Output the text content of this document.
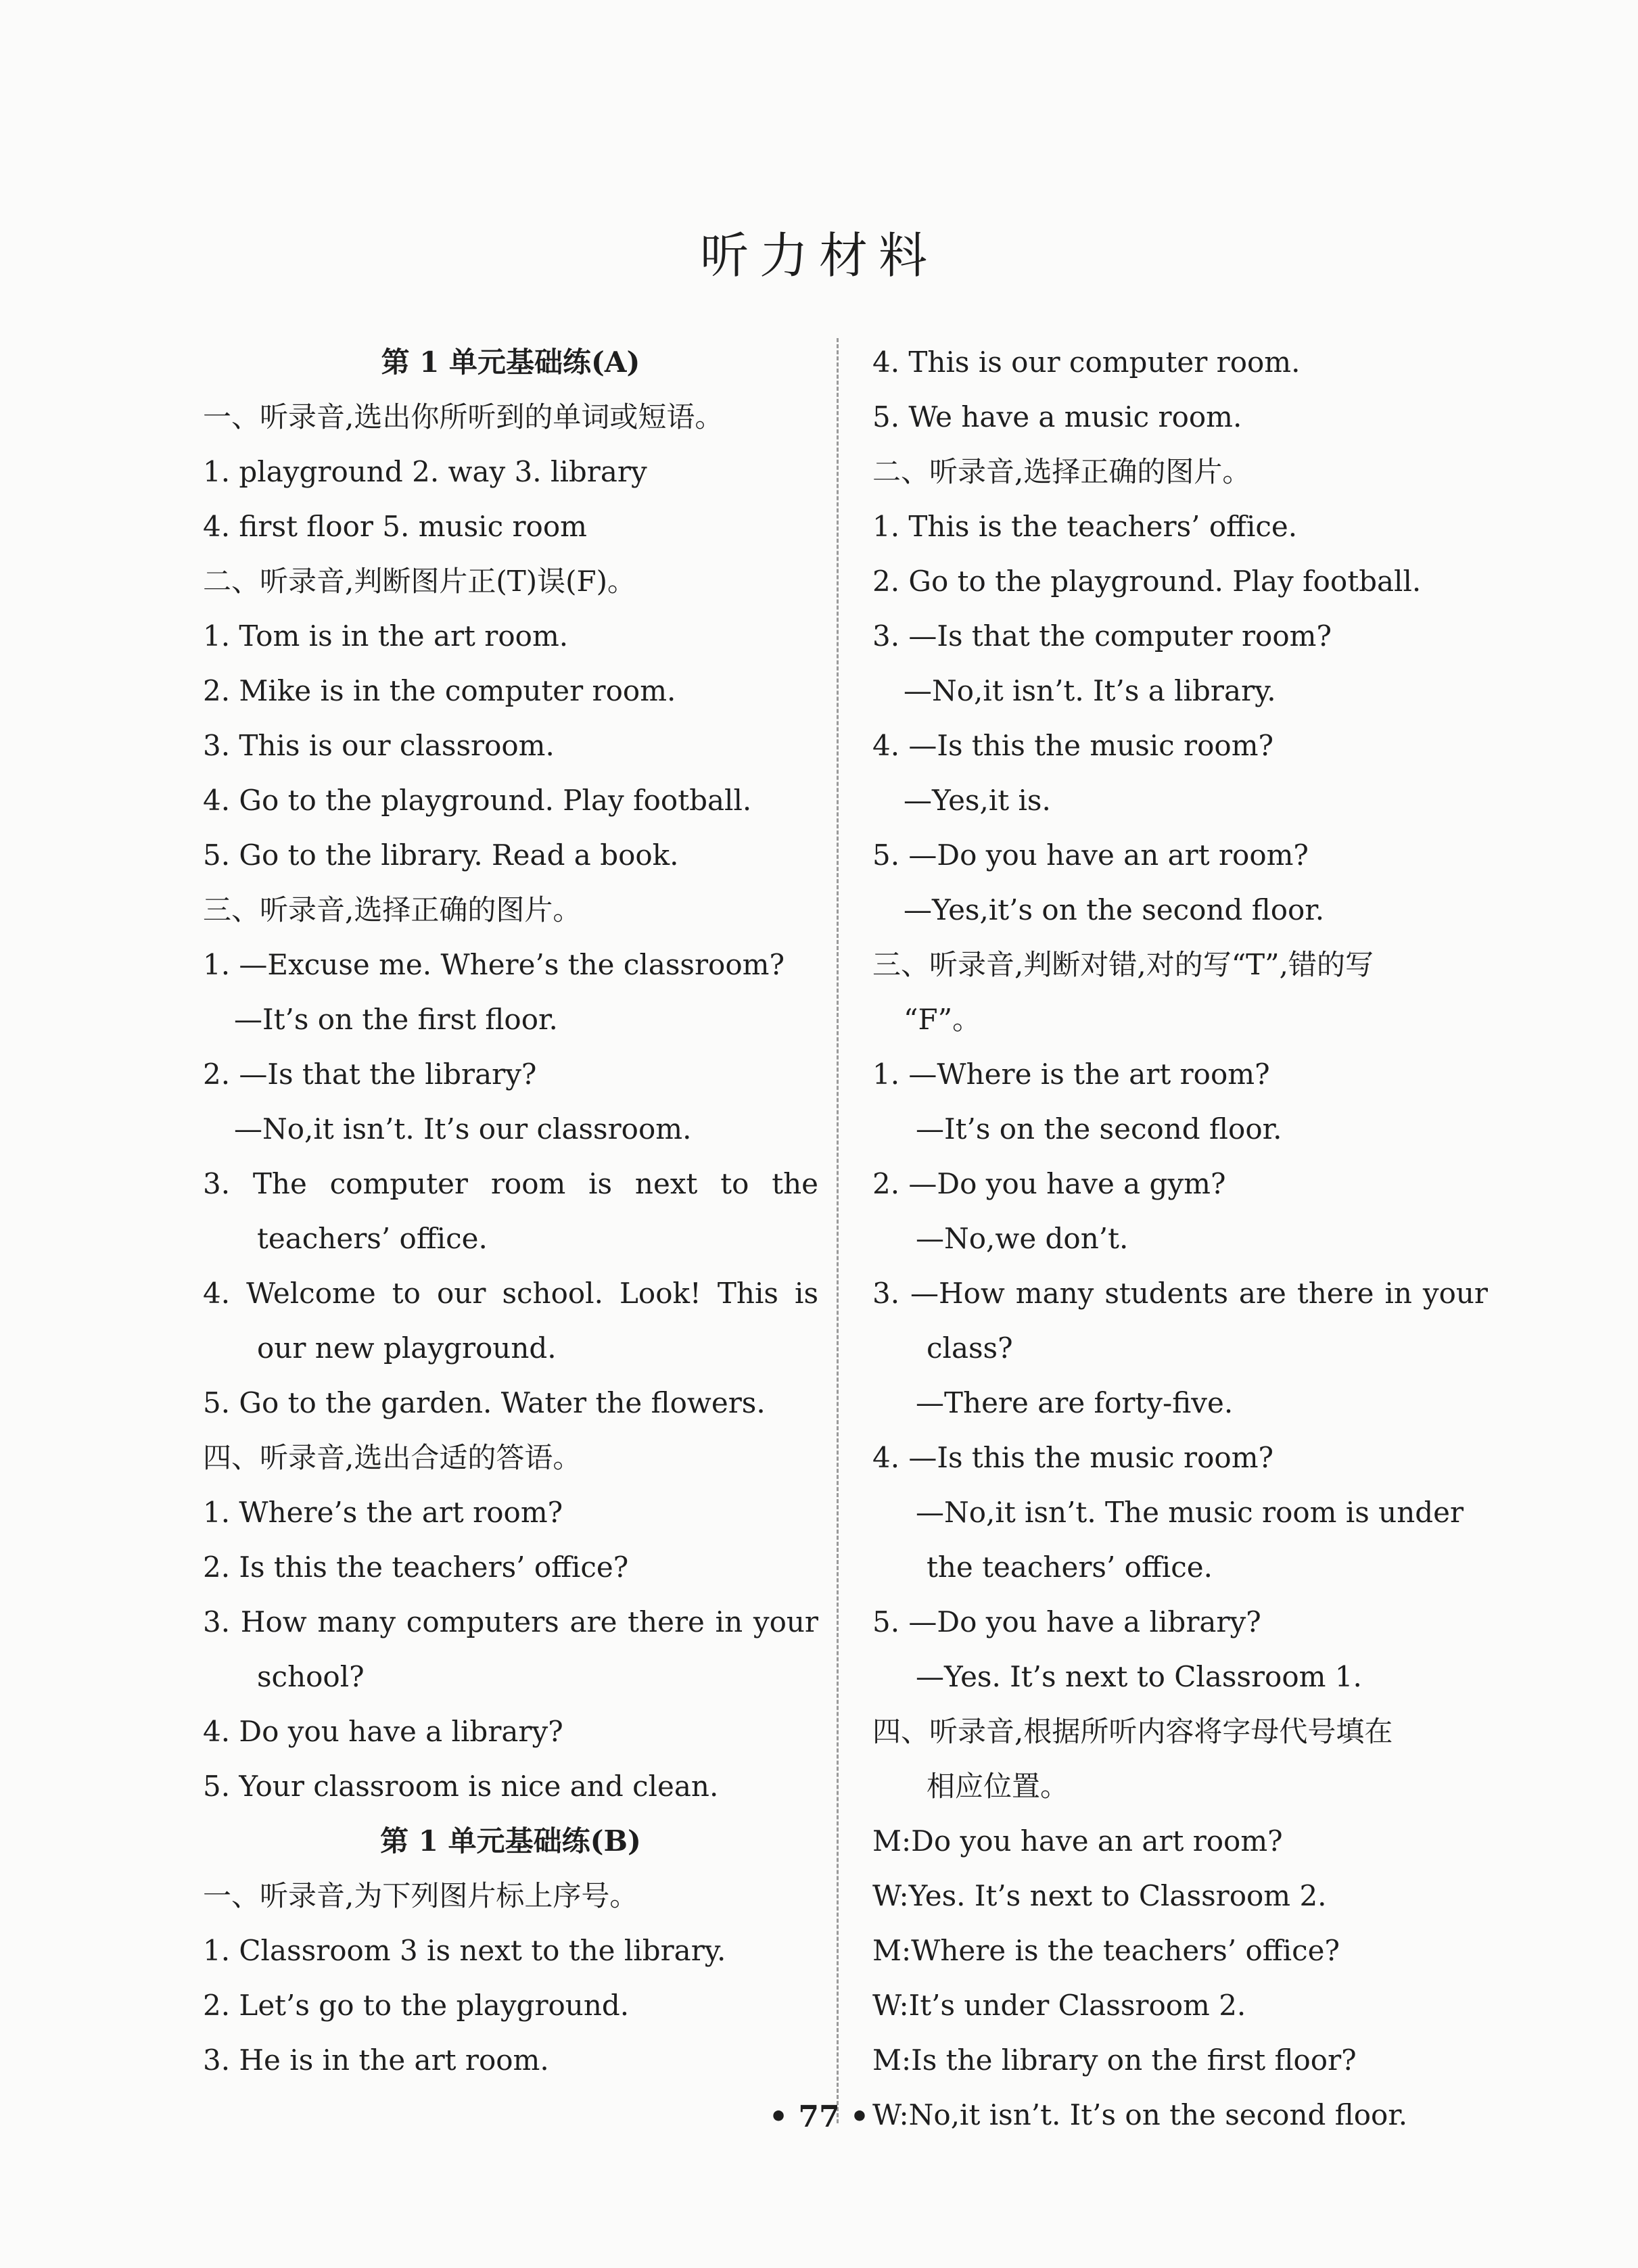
听力材料
第 1 单元基础练(A)
一、听录音,选出你所听到的单词或短语。
1. playground 2. way 3. library
4. first floor 5. music room
二、听录音,判断图片正(T)误(F)。
1. Tom is in the art room.
2. Mike is in the computer room.
3. This is our classroom.
4. Go to the playground. Play football.
5. Go to the library. Read a book.
三、听录音,选择正确的图片。
1. —Excuse me. Where’s the classroom?
—It’s on the first floor.
2. —Is that the library?
—No,it isn’t. It’s our classroom.
3. The computer room is next to the
teachers’ office.
4. Welcome to our school. Look! This is
our new playground.
5. Go to the garden. Water the flowers.
四、听录音,选出合适的答语。
1. Where’s the art room?
2. Is this the teachers’ office?
3. How many computers are there in your
school?
4. Do you have a library?
5. Your classroom is nice and clean.
第 1 单元基础练(B)
一、听录音,为下列图片标上序号。
1. Classroom 3 is next to the library.
2. Let’s go to the playground.
3. He is in the art room.
4. This is our computer room.
5. We have a music room.
二、听录音,选择正确的图片。
1. This is the teachers’ office.
2. Go to the playground. Play football.
3. —Is that the computer room?
—No,it isn’t. It’s a library.
4. —Is this the music room?
—Yes,it is.
5. —Do you have an art room?
—Yes,it’s on the second floor.
三、听录音,判断对错,对的写“T”,错的写
“F”。
1. —Where is the art room?
—It’s on the second floor.
2. —Do you have a gym?
—No,we don’t.
3. —How many students are there in your
class?
—There are forty-five.
4. —Is this the music room?
—No,it isn’t. The music room is under
the teachers’ office.
5. —Do you have a library?
—Yes. It’s next to Classroom 1.
四、听录音,根据所听内容将字母代号填在
相应位置。
M:Do you have an art room?
W:Yes. It’s next to Classroom 2.
M:Where is the teachers’ office?
W:It’s under Classroom 2.
M:Is the library on the first floor?
W:No,it isn’t. It’s on the second floor.
• 77 •
